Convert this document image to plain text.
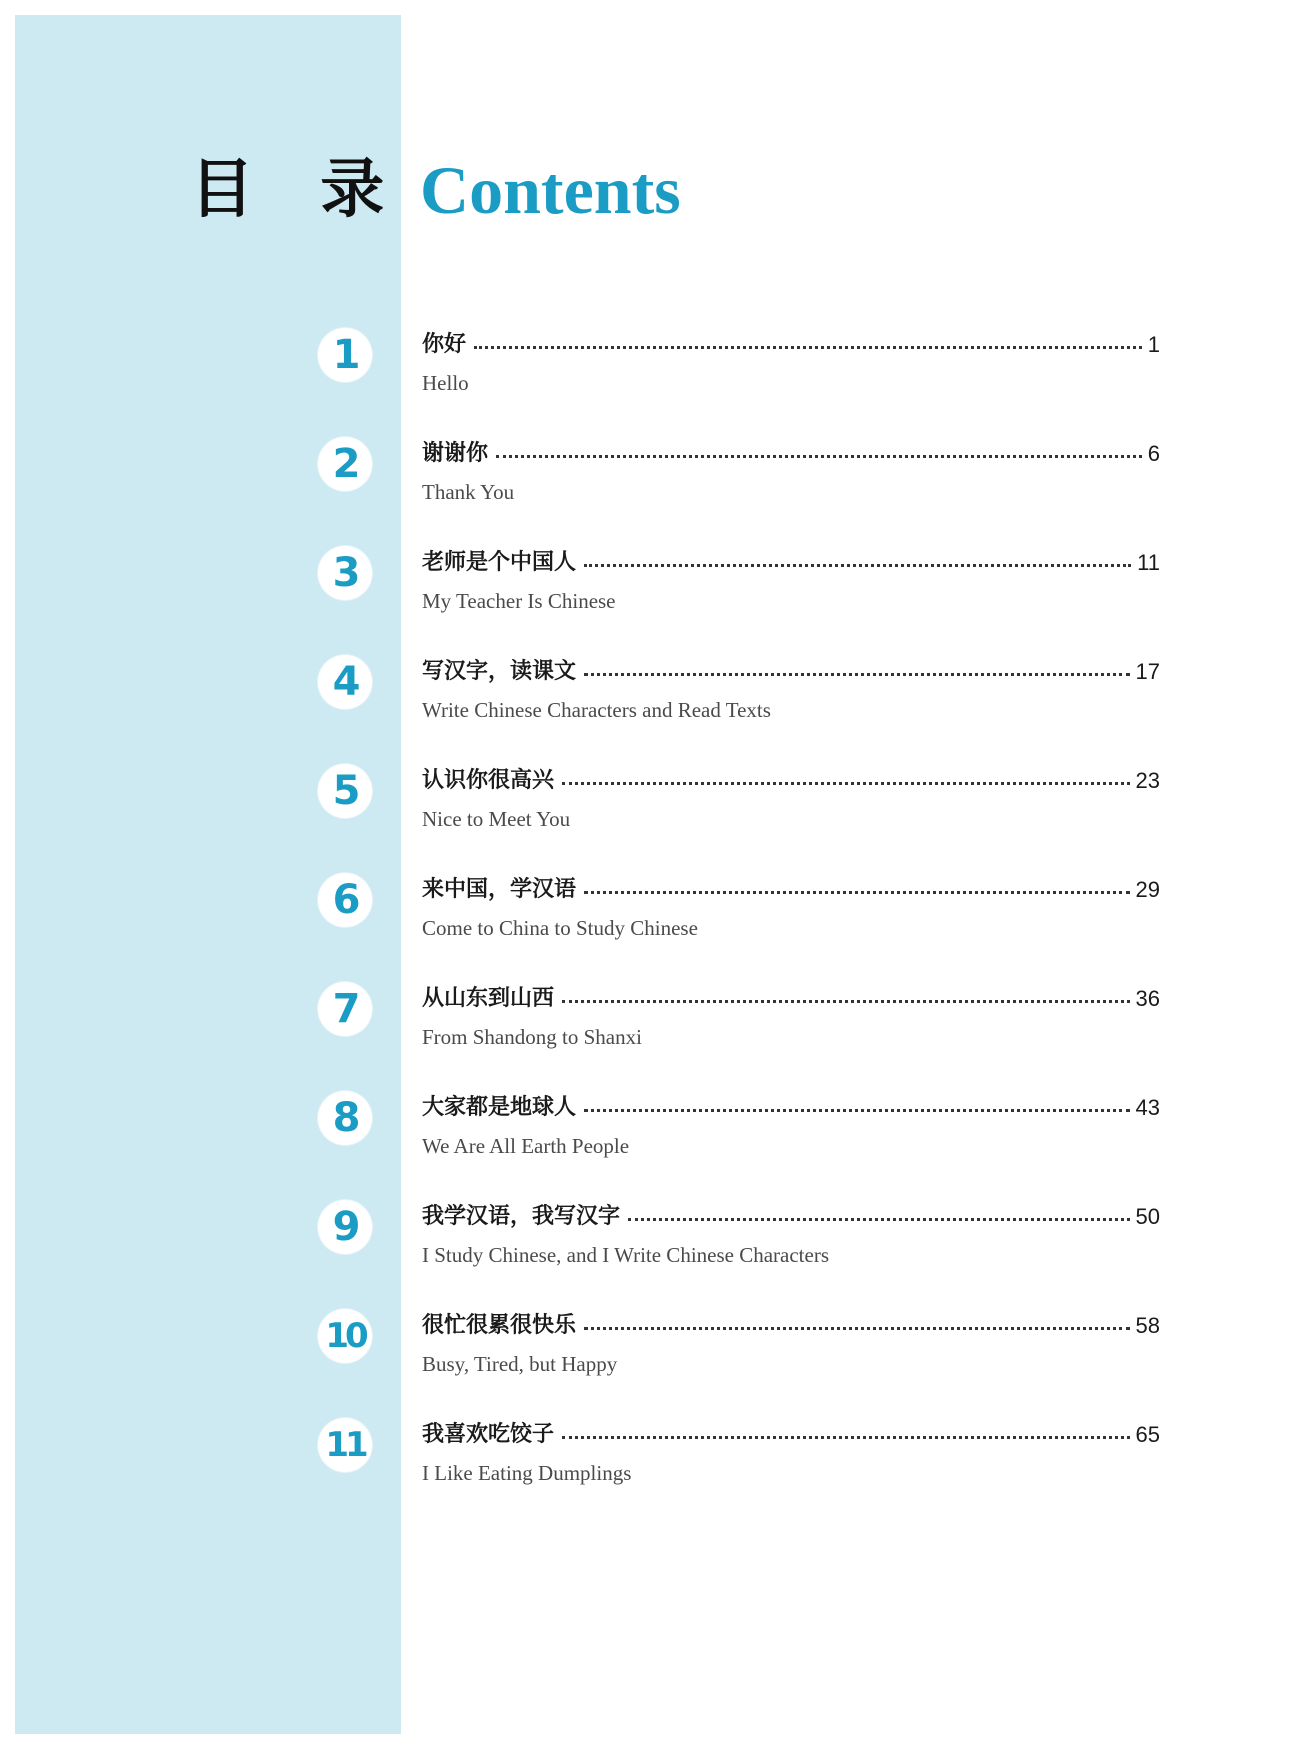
目 录 Contents
1	你好	1
Hello
2	谢谢你	6
Thank You
3	老师是个中国人	11
My Teacher Is Chinese
4	写汉字，读课文	17
Write Chinese Characters and Read Texts
5	认识你很高兴	23
Nice to Meet You
6	来中国，学汉语	29
Come to China to Study Chinese
7	从山东到山西	36
From Shandong to Shanxi
8	大家都是地球人	43
We Are All Earth People
9	我学汉语，我写汉字	50
I Study Chinese, and I Write Chinese Characters
10	很忙很累很快乐	58
Busy, Tired, but Happy
11	我喜欢吃饺子	65
I Like Eating Dumplings
